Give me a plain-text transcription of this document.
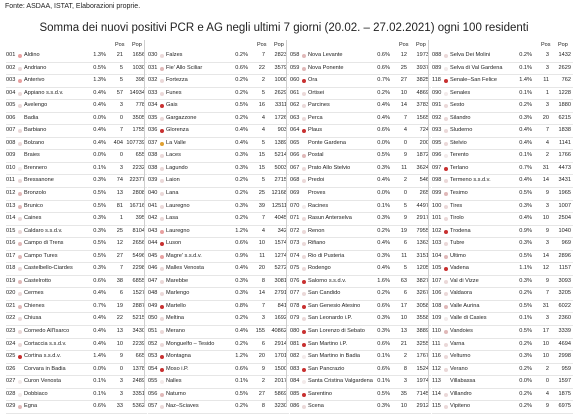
Fonte: ASDAA, ISTAT, Elaborazioni proprie.
Somma dei nuovi positivi PCR e AG negli ultimi 7 giorni (20.02. – 27.02.2021) ogni 100 residenti
Pos Pop
001 Aldino	1.3%	21	1656
002 Andriano	0.5%	5	1030
003 Anterivo	1.3%	5	398
004 Appiano s.s.d.v.	0.4%	57	14934
005 Avelengo	0.4%	3	778
006 Badia	0.0%	0	3505
007 Barbiano	0.4%	7	1755
008 Bolzano	0.4%	404 107739
009 Braies	0.0%	0	655
010 Brennero	0.1%	3	2232
011 Bressanone	0.3%	74	22377
012 Bronzolo	0.5%	13	2808
013 Brunico	0.5%	81	16716
014 Caines	0.3%	1	395
015 Caldaro s.s.d.v.	0.3%	25	8104
016 Campo di Trens	0.5%	12	2656
017 Campo Tures	0.5%	27	5496
018 Castelbello-Ciardes	0.3%	7	2298
019 Castelrotto	0.6%	38	6855
020 Cermes	0.4%	6	1527
021 Chienes	0.7%	19	2887
022 Chiusa	0.4%	22	5215
023 Cornedo All'Isarco	0.4%	13	3430
024 Cortaccia s.s.d.v.	0.4%	10	2239
025 Cortina s.s.d.v.	1.4%	9	665
026 Corvara in Badia	0.0%	0	1378
027 Curon Venosta	0.1%	3	2489
028 Dobbiaco	0.1%	3	3351
029 Egna	0.6%	33	5362
Pos Pop
030 Falzes	0.2%	7	2823
031 Fie' Allo Sciliar	0.6%	22	3579
032 Fortezza	0.2%	2	1000
033 Funes	0.2%	5	2629
034 Gais	0.5%	16	3311
035 Gargazzone	0.2%	4	1726
036 Glorenza	0.4%	4	903
037 La Valle	0.4%	5	1389
038 Laces	0.3%	15	5214
038 Lagundo	0.3%	15	5003
039 Laion	0.2%	5	2715
040 Lana	0.2%	25	12168
041 Lauregno	0.3%	39	12511
042 Lasa	0.2%	7	4045
043 Lauregno	1.2%	4	342
044 Luson	0.6%	10	1574
045 Magre' s.s.d.v.	0.9%	11	1274
046 Malles Venosta	0.4%	20	5272
047 Marebbe	0.3%	8	3081
048 Marlengo	0.3%	14	2791
049 Martello	0.8%	7	841
050 Meltina	0.2%	3	1692
051 Merano	0.4%	155	40862
052 Monguelfo – Tesido	0.2%	6	2914
053 Montagna	1.2%	20	1701
054 Moso i.P.	0.6%	9	1500
055 Nalles	0.1%	2	2017
056 Naturno	0.5%	27	5869
057 Naz–Sciaves	0.2%	8	3230
Pos Pop
058 Nova Levante	0.6%	12	1973
059 Nova Ponente	0.6%	25	3937
060 Ora	0.7%	27	3825
061 Ortisei	0.2%	10	4869
062 Parcines	0.4%	14	3783
063 Perca	0.4%	7	1565
064 Plaus	0.6%	4	724
065 Ponte Gardena	0.0%	0	200
066 Postal	0.5%	9	1872
067 Prato Allo Stelvio	0.3%	11	3624
068 Predoi	0.4%	2	546
069 Proves	0.0%	0	265
070 Racines	0.1%	5	4497
071 Rasun Anterselva	0.3%	9	2917
072 Renon	0.2%	19	7955
073 Rifiano	0.4%	6	1363
074 Rio di Pusteria	0.3%	11	3151
075 Rodengo	0.4%	5	1205
076 Salorno s.s.d.v.	1.6%	63	3827
077 San Candido	0.2%	6	3267
078 San Genesio Atesino	0.6%	17	3058
079 San Leonardo i.P.	0.3%	10	3558
080 San Lorenzo di Sebato	0.3%	13	3889
081 San Martino i.P.	0.6%	21	3255
082 San Martino in Badia	0.1%	2	1767
083 San Pancrazio	0.6%	8	1524
084 Santa Cristina Valgardena 0.1%	3	1974
085 Sarentino	0.5%	35	7145
086 Scena	0.3%	10	2912
Pos Pop
088 Selva Dei Molini	0.2%	3	1432
089 Selva di Val Gardena	0.1%	3	2629
118 Senale–San Felice	1.4%	11	762
090 Senales	0.1%	1	1228
091 Sesto	0.2%	3	1880
092 Silandro	0.3%	20	6215
093 Sluderno	0.4%	7	1838
095 Stelvio	0.4%	4	1141
096 Terento	0.1%	2	1766
097 Terlano	0.7%	31	4473
098 Termeno s.s.d.v.	0.4%	14	3431
099 Tesimo	0.5%	9	1965
100 Tires	0.3%	3	1007
101 Tirolo	0.4%	10	2504
102 Trodena	0.9%	9	1040
103 Tubre	0.3%	3	969
104 Ultimo	0.5%	14	2896
105 Vadena	1.1%	12	1157
107 Val di Vizze	0.3%	9	3093
106 Valdaora	0.2%	7	3205
108 Valle Aurina	0.5%	31	6022
109 Valle di Casies	0.1%	3	2360
110 Vandoies	0.5%	17	3339
111 Varna	0.2%	10	4694
116 Velturno	0.3%	10	2998
112 Verano	0.2%	2	959
113 Villabassa	0.0%	0	1597
114 Villandro	0.2%	4	1875
115 Vipiteno	0.2%	9	6975
